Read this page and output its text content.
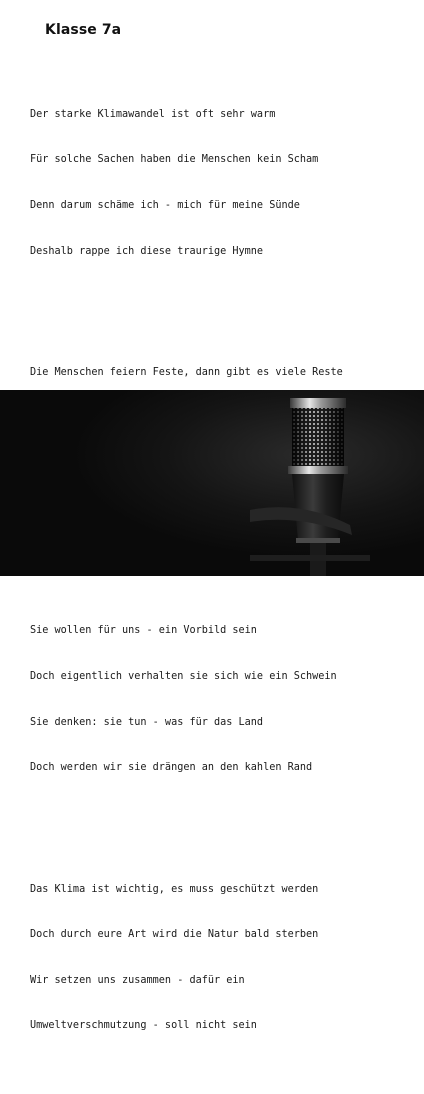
Klasse 7a

Der starke Klimawandel ist oft sehr warm

Für solche Sachen haben die Menschen kein Scham

Denn darum schäme ich - mich für meine Sünde

Deshalb rappe ich diese traurige Hymne

Die Menschen feiern Feste, dann gibt es viele Reste

Sie wollen für uns - ein Vorbild sein

Doch eigentlich verhalten sie sich wie ein Schwein

Sie denken: sie tun - was für das Land

Doch werden wir sie drängen an den kahlen Rand

Das Klima ist wichtig, es muss geschützt werden

Doch durch eure Art wird die Natur bald sterben

Wir setzen uns zusammen - dafür ein

Umweltverschmutzung - soll nicht sein
